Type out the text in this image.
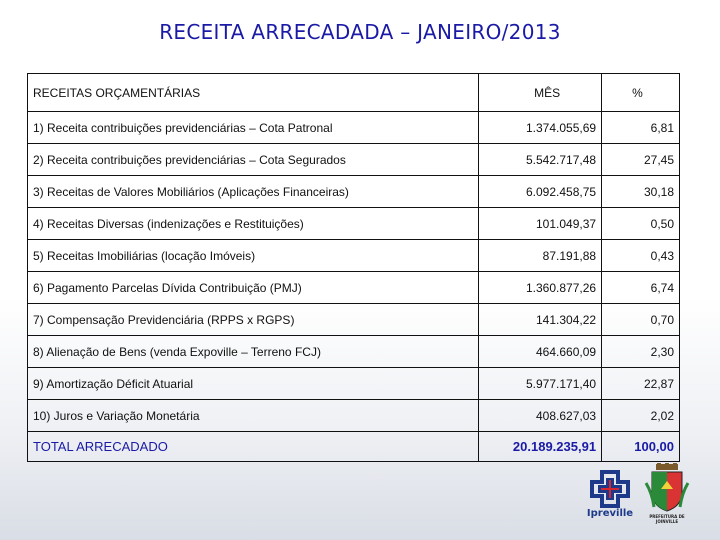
RECEITA ARRECADADA – JANEIRO/2013
RECEITAS ORÇAMENTÁRIAS	MÊS	%
1) Receita contribuições previdenciárias – Cota Patronal	1.374.055,69	6,81
2) Receita contribuições previdenciárias – Cota Segurados	5.542.717,48	27,45
3) Receitas de Valores Mobiliários (Aplicações Financeiras)	6.092.458,75	30,18
4) Receitas Diversas (indenizações e Restituições)	101.049,37	0,50
5) Receitas Imobiliárias (locação Imóveis)	87.191,88	0,43
6) Pagamento Parcelas Dívida Contribuição (PMJ)	1.360.877,26	6,74
7) Compensação Previdenciária (RPPS x RGPS)	141.304,22	0,70
8) Alienação de Bens (venda Expoville – Terreno FCJ)	464.660,09	2,30
9) Amortização Déficit Atuarial	5.977.171,40	22,87
10) Juros e Variação Monetária	408.627,03	2,02
TOTAL ARRECADADO	20.189.235,91	100,00
Ipreville	PREFEITURA DE JOINVILLE
